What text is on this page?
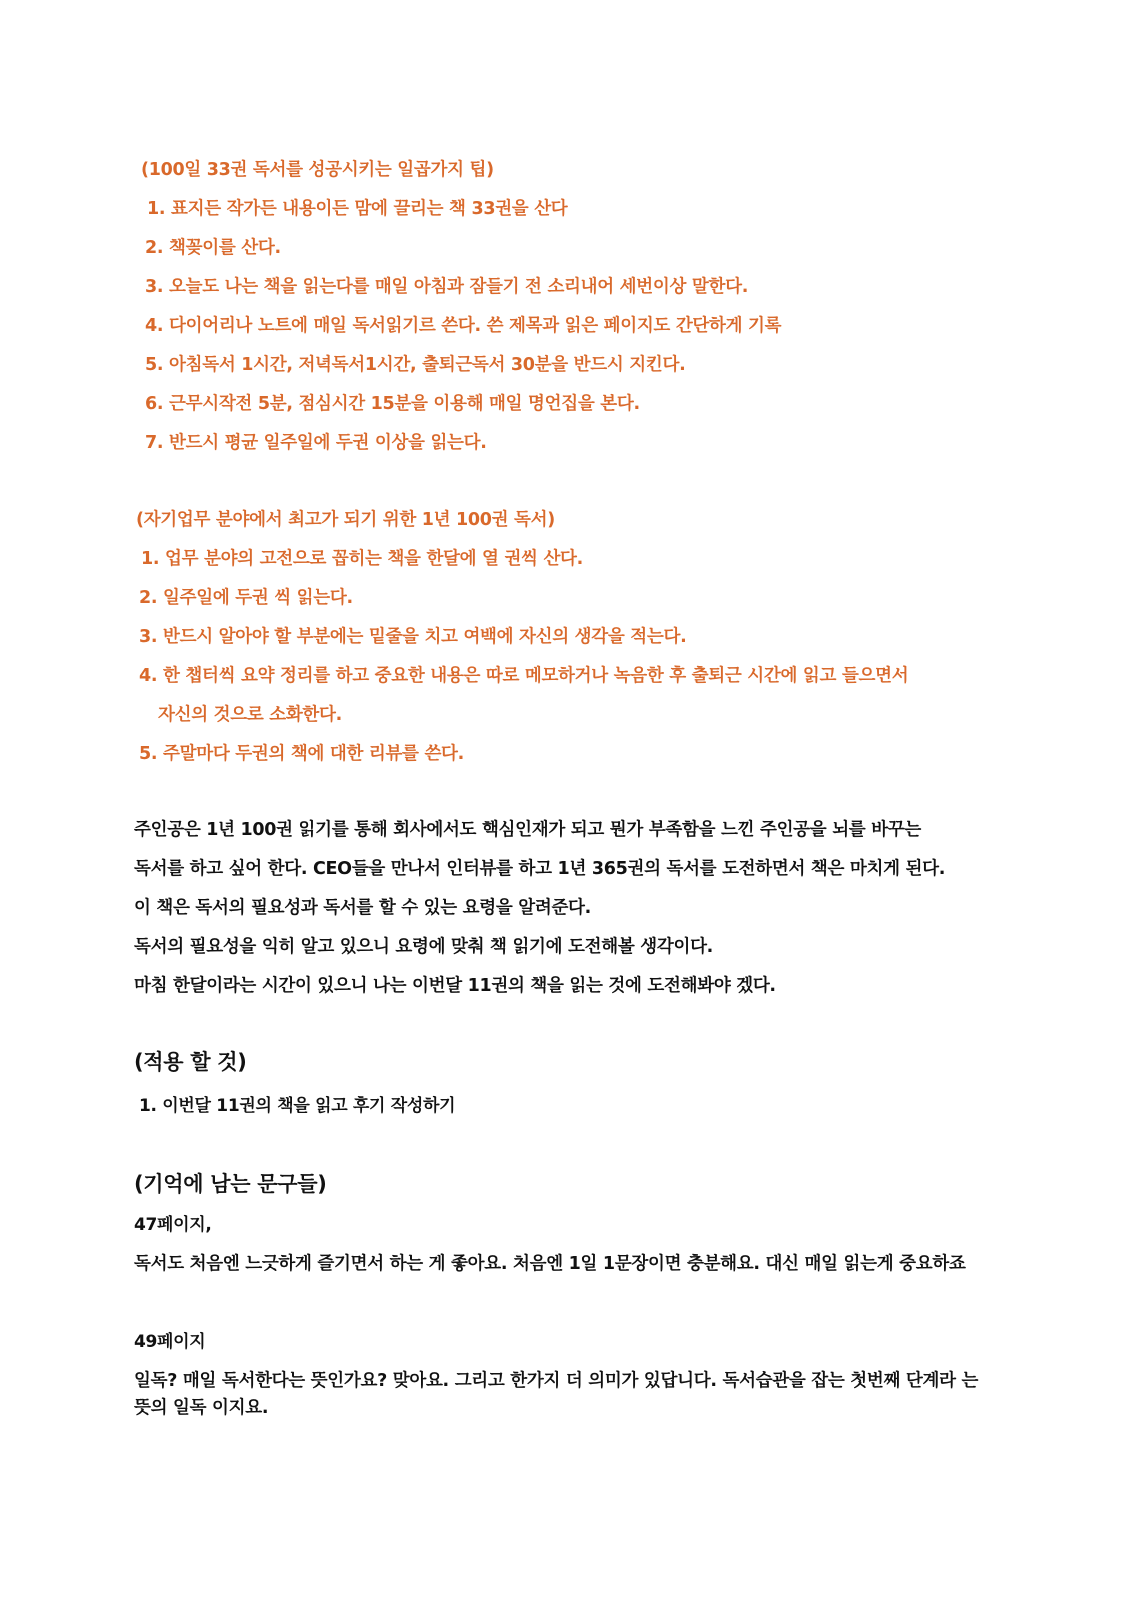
(100일 33권 독서를 성공시키는 일곱가지 팁)
1. 표지든 작가든 내용이든 맘에 끌리는 책 33권을 산다
2. 책꽂이를 산다.
3. 오늘도 나는 책을 읽는다를 매일 아침과 잠들기 전 소리내어 세번이상 말한다.
4. 다이어리나 노트에 매일 독서읽기르 쓴다. 쓴 제목과 읽은 페이지도 간단하게 기록
5. 아침독서 1시간, 저녁독서1시간, 출퇴근독서 30분을 반드시 지킨다.
6. 근무시작전 5분, 점심시간 15분을 이용해 매일 명언집을 본다.
7. 반드시 평균 일주일에 두권 이상을 읽는다.
(자기업무 분야에서 최고가 되기 위한 1년 100권 독서)
1. 업무 분야의 고전으로 꼽히는 책을 한달에 열 권씩 산다.
2. 일주일에 두권 씩 읽는다.
3. 반드시 알아야 할 부분에는 밑줄을 치고 여백에 자신의 생각을 적는다.
4. 한 챕터씩 요약 정리를 하고 중요한 내용은 따로 메모하거나 녹음한 후 출퇴근 시간에 읽고 들으면서
자신의 것으로 소화한다.
5. 주말마다 두권의 책에 대한 리뷰를 쓴다.
주인공은 1년 100권 읽기를 통해 회사에서도 핵심인재가 되고 뭔가 부족함을 느낀 주인공을 뇌를 바꾸는
독서를 하고 싶어 한다. CEO들을 만나서 인터뷰를 하고 1년 365권의 독서를 도전하면서 책은 마치게 된다.
이 책은 독서의 필요성과 독서를 할 수 있는 요령을 알려준다.
독서의 필요성을 익히 알고 있으니 요령에 맞춰 책 읽기에 도전해볼 생각이다.
마침 한달이라는 시간이 있으니 나는 이번달 11권의 책을 읽는 것에 도전해봐야 겠다.
(적용 할 것)
1. 이번달 11권의 책을 읽고 후기 작성하기
(기억에 남는 문구들)
47페이지,
독서도 처음엔 느긋하게 즐기면서 하는 게 좋아요. 처음엔 1일 1문장이면 충분해요. 대신 매일 읽는게 중요하죠
49페이지
일독? 매일 독서한다는 뜻인가요? 맞아요. 그리고 한가지 더 의미가 있답니다. 독서습관을 잡는 첫번째 단계라 는 뜻의 일독 이지요.
